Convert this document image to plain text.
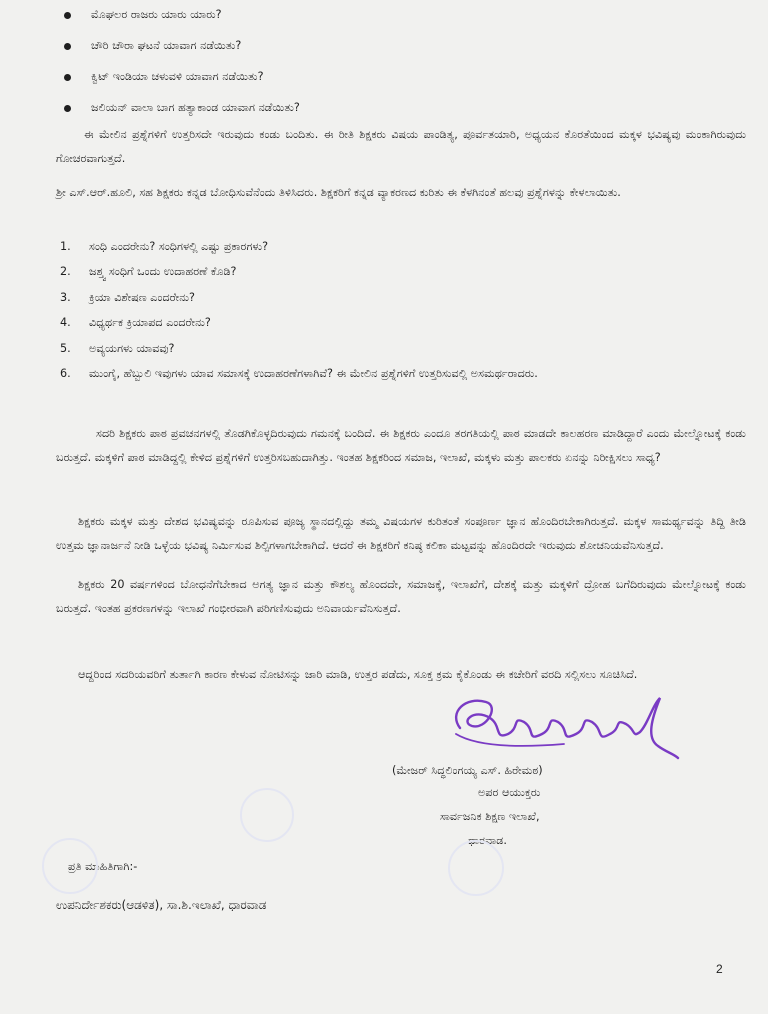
ಮೊಘಲರ ರಾಜರು ಯಾರು ಯಾರು?
ಚೌರಿ ಚೌರಾ ಘಟನೆ ಯಾವಾಗ ನಡೆಯಿತು?
ಕ್ವಿಟ್ ಇಂಡಿಯಾ ಚಳುವಳಿ ಯಾವಾಗ ನಡೆಯಿತು?
ಜಲಿಯನ್ ವಾಲಾ ಬಾಗ ಹತ್ಯಾಕಾಂಡ ಯಾವಾಗ ನಡೆಯಿತು?
ಈ ಮೇಲಿನ ಪ್ರಶ್ನೆಗಳಿಗೆ ಉತ್ತರಿಸದೇ ಇರುವುದು ಕಂಡು ಬಂದಿತು. ಈ ರೀತಿ ಶಿಕ್ಷಕರು ವಿಷಯ ಪಾಂಡಿತ್ಯ, ಪೂರ್ವತಯಾರಿ, ಅಧ್ಯಯನ ಕೊರತೆಯಿಂದ ಮಕ್ಕಳ ಭವಿಷ್ಯವು ಮಂಕಾಗಿರುವುದು ಗೋಚರವಾಗುತ್ತದೆ.
ಶ್ರೀ ಎಸ್.ಆರ್.ಹೂಲಿ, ಸಹ ಶಿಕ್ಷಕರು ಕನ್ನಡ ಬೋಧಿಸುವೆನೆಂದು ತಿಳಿಸಿದರು. ಶಿಕ್ಷಕರಿಗೆ ಕನ್ನಡ ವ್ಯಾಕರಣದ ಕುರಿತು ಈ ಕೆಳಗಿನಂತೆ ಹಲವು ಪ್ರಶ್ನೆಗಳನ್ನು ಕೇಳಲಾಯಿತು.
1. ಸಂಧಿ ಎಂದರೇನು? ಸಂಧಿಗಳಲ್ಲಿ ಎಷ್ಟು ಪ್ರಕಾರಗಳು?
2. ಜಶ್ತ್ವ ಸಂಧಿಗೆ ಒಂದು ಉದಾಹರಣೆ ಕೊಡಿ?
3. ಕ್ರಿಯಾ ವಿಶೇಷಣ ಎಂದರೇನು?
4. ವಿಧ್ಯರ್ಥಕ ಕ್ರಿಯಾಪದ ಎಂದರೇನು?
5. ಅವ್ಯಯಗಳು ಯಾವವು?
6. ಮುಂಗೈ, ಹೆಬ್ಬುಲಿ ಇವುಗಳು ಯಾವ ಸಮಾಸಕ್ಕೆ ಉದಾಹರಣೆಗಳಾಗಿವೆ? ಈ ಮೇಲಿನ ಪ್ರಶ್ನೆಗಳಿಗೆ ಉತ್ತರಿಸುವಲ್ಲಿ ಅಸಮರ್ಥರಾದರು.
ಸದರಿ ಶಿಕ್ಷಕರು ಪಾಠ ಪ್ರವಚನಗಳಲ್ಲಿ ತೊಡಗಿಕೊಳ್ಳದಿರುವುದು ಗಮನಕ್ಕೆ ಬಂದಿದೆ. ಈ ಶಿಕ್ಷಕರು ಎಂದೂ ತರಗತಿಯಲ್ಲಿ ಪಾಠ ಮಾಡದೇ ಕಾಲಹರಣ ಮಾಡಿದ್ದಾರೆ ಎಂದು ಮೇಲ್ನೋಟಕ್ಕೆ ಕಂಡು ಬರುತ್ತದೆ. ಮಕ್ಕಳಿಗೆ ಪಾಠ ಮಾಡಿದ್ದಲ್ಲಿ ಕೇಳಿದ ಪ್ರಶ್ನೆಗಳಿಗೆ ಉತ್ತರಿಸಬಹುದಾಗಿತ್ತು. ಇಂತಹ ಶಿಕ್ಷಕರಿಂದ ಸಮಾಜ, ಇಲಾಖೆ, ಮಕ್ಕಳು ಮತ್ತು ಪಾಲಕರು ಏನನ್ನು ನಿರೀಕ್ಷಿಸಲು ಸಾಧ್ಯ?
ಶಿಕ್ಷಕರು ಮಕ್ಕಳ ಮತ್ತು ದೇಶದ ಭವಿಷ್ಯವನ್ನು ರೂಪಿಸುವ ಪೂಜ್ಯ ಸ್ಥಾನದಲ್ಲಿದ್ದು ತಮ್ಮ ವಿಷಯಗಳ ಕುರಿತಂತೆ ಸಂಪೂರ್ಣ ಜ್ಞಾನ ಹೊಂದಿರಬೇಕಾಗಿರುತ್ತದೆ. ಮಕ್ಕಳ ಸಾಮರ್ಥ್ಯವನ್ನು ತಿದ್ದಿ ತೀಡಿ ಉತ್ತಮ ಜ್ಞಾನಾರ್ಜನೆ ನೀಡಿ ಒಳ್ಳೆಯ ಭವಿಷ್ಯ ನಿರ್ಮಿಸುವ ಶಿಲ್ಪಿಗಳಾಗಬೇಕಾಗಿದೆ. ಆದರೆ ಈ ಶಿಕ್ಷಕರಿಗೆ ಕನಿಷ್ಠ ಕಲಿಕಾ ಮಟ್ಟವನ್ನು ಹೊಂದಿರದೇ ಇರುವುದು ಶೋಚನಿಯವೆನಿಸುತ್ತದೆ.
ಶಿಕ್ಷಕರು 20 ವರ್ಷಗಳಿಂದ ಬೋಧನೆಗೆಬೇಕಾದ ಅಗತ್ಯ ಜ್ಞಾನ ಮತ್ತು ಕೌಶಲ್ಯ ಹೊಂದದೇ, ಸಮಾಜಕ್ಕೆ, ಇಲಾಖೆಗೆ, ದೇಶಕ್ಕೆ ಮತ್ತು ಮಕ್ಕಳಿಗೆ ದ್ರೋಹ ಬಗೆದಿರುವುದು ಮೇಲ್ನೋಟಕ್ಕೆ ಕಂಡು ಬರುತ್ತದೆ. ಇಂತಹ ಪ್ರಕರಣಗಳನ್ನು ಇಲಾಖೆ ಗಂಭೀರವಾಗಿ ಪರಿಗಣಿಸುವುದು ಅನಿವಾರ್ಯವೆನಿಸುತ್ತದೆ.
ಆದ್ದರಿಂದ ಸದರಿಯವರಿಗೆ ತುರ್ತಾಗಿ ಕಾರಣ ಕೇಳುವ ನೋಟಿಸನ್ನು ಜಾರಿ ಮಾಡಿ, ಉತ್ತರ ಪಡೆದು, ಸೂಕ್ತ ಕ್ರಮ ಕೈಕೊಂಡು ಈ ಕಚೇರಿಗೆ ವರದಿ ಸಲ್ಲಿಸಲು ಸೂಚಿಸಿದೆ.
(ಮೇಜರ್ ಸಿದ್ಧಲಿಂಗಯ್ಯ ಎಸ್. ಹಿರೇಮಠ)
ಅಪರ ಆಯುಕ್ತರು
ಸಾರ್ವಜನಿಕ ಶಿಕ್ಷಣ ಇಲಾಖೆ,
ಧಾರವಾಡ.
ಪ್ರತಿ ಮಾಹಿತಿಗಾಗಿ:-
ಉಪನಿರ್ದೇಶಕರು(ಆಡಳಿತ), ಸಾ.ಶಿ.ಇಲಾಖೆ, ಧಾರವಾಡ
2
